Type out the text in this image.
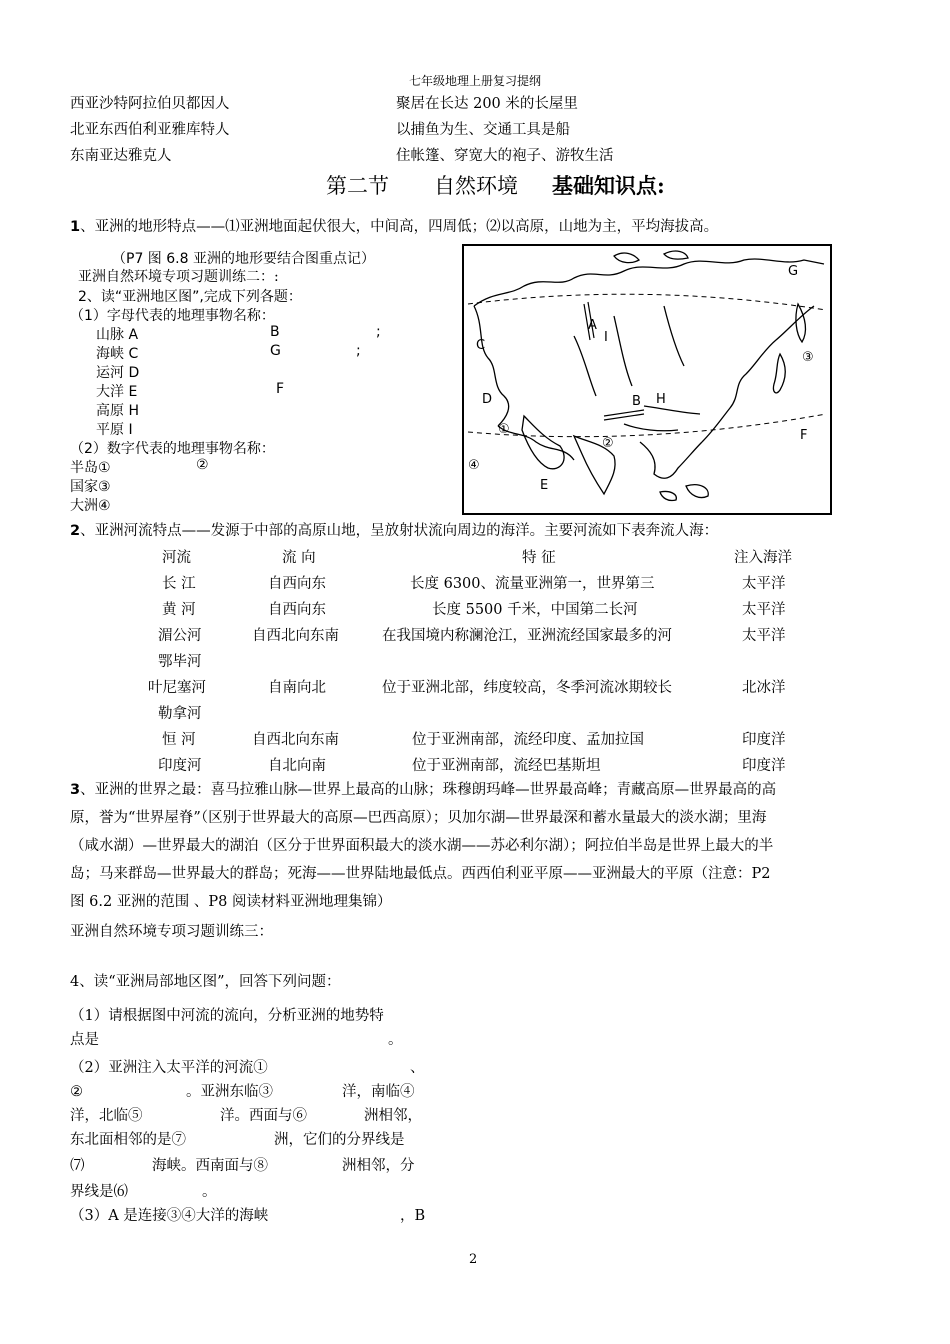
七年级地理上册复习提纲
西亚沙特阿拉伯贝都因人	聚居在长达 200 米的长屋里
北亚东西伯利亚雅库特人	以捕鱼为生、交通工具是船
东南亚达雅克人	住帐篷、穿宽大的袍子、游牧生活
第二节 自然环境 基础知识点:
1、亚洲的地形特点——⑴亚洲地面起伏很大，中间高，四周低；⑵以高原，山地为主，平均海拔高。
（P7 图 6.8 亚洲的地形要结合图重点记）
亚洲自然环境专项习题训练二：:
2、读“亚洲地区图”,完成下列各题：
（1）字母代表的地理事物名称：
山脉 A	B	;
海峡 C	G	;
运河 D
大洋 E	F
高原 H
平原 I
（2）数字代表的地理事物名称：
半岛①	②
国家③
大洲④
A
I
C
D	B H
G
F
E
①
②
③
④
2、亚洲河流特点——发源于中部的高原山地，呈放射状流向周边的海洋。主要河流如下表奔流人海：
河流	流 向	特 征	注入海洋
长 江	自西向东	长度 6300、流量亚洲第一，世界第三	太平洋
黄 河	自西向东	长度 5500 千米，中国第二长河	太平洋
湄公河	自西北向东南	在我国境内称澜沧江，亚洲流经国家最多的河	太平洋
鄂毕河
叶尼塞河	自南向北	位于亚洲北部，纬度较高，冬季河流冰期较长	北冰洋
勒拿河
恒 河	自西北向东南	位于亚洲南部，流经印度、孟加拉国	印度洋
印度河	自北向南	位于亚洲南部，流经巴基斯坦	印度洋
3、亚洲的世界之最：喜马拉雅山脉—世界上最高的山脉；珠穆朗玛峰—世界最高峰；青藏高原—世界最高的高
原，誉为“世界屋脊”（区别于世界最大的高原—巴西高原）；贝加尔湖—世界最深和蓄水量最大的淡水湖；里海
（咸水湖）—世界最大的湖泊（区分于世界面积最大的淡水湖——苏必利尔湖）；阿拉伯半岛是世界上最大的半
岛；马来群岛—世界最大的群岛；死海——世界陆地最低点。西西伯利亚平原——亚洲最大的平原（注意：P2
图 6.2 亚洲的范围 、P8 阅读材料亚洲地理集锦）
亚洲自然环境专项习题训练三：
4、读“亚洲局部地区图”，回答下列问题：
（1）请根据图中河流的流向，分析亚洲的地势特
点是	。
（2）亚洲注入太平洋的河流①	、
②	。亚洲东临③	洋，南临④
洋，北临⑤	洋。西面与⑥	洲相邻，
东北面相邻的是⑦	洲，它们的分界线是
⑺	海峡。西南面与⑧	洲相邻，分
界线是⑹	。
（3）A 是连接③④大洋的海峡	，B
2
